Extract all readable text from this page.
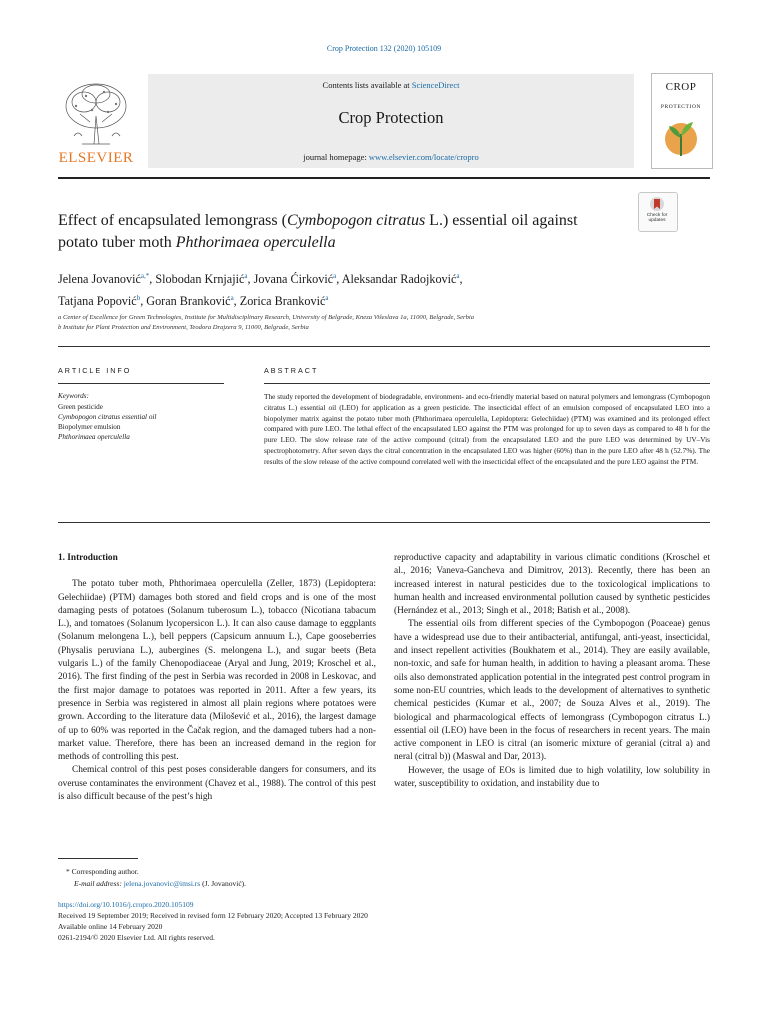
Crop Protection 132 (2020) 105109
Contents lists available at ScienceDirect
Crop Protection
journal homepage: www.elsevier.com/locate/cropro
ELSEVIER
CROP
PROTECTION
Effect of encapsulated lemongrass (Cymbopogon citratus L.) essential oil against potato tuber moth Phthorimaea operculella
Check for updates
Jelena Jovanović$^{a,*}$, Slobodan Krnjajić$^a$, Jovana Ćirković$^a$, Aleksandar Radojković$^a$,
Tatjana Popović$^b$, Goran Branković$^a$, Zorica Branković$^a$
a Center of Excellence for Green Technologies, Institute for Multidisciplinary Research, University of Belgrade, Kneza Višeslava 1a, 11000, Belgrade, Serbia
b Institute for Plant Protection and Environment, Teodora Drajzera 9, 11000, Belgrade, Serbia
ARTICLE INFO
Keywords:
Green pesticide
Cymbopogon citratus essential oil
Biopolymer emulsion
Phthorimaea operculella
ABSTRACT
The study reported the development of biodegradable, environment- and eco-friendly material based on natural polymers and lemongrass (Cymbopogon citratus L.) essential oil (LEO) for application as a green pesticide. The insecticidal effect of an emulsion composed of encapsulated LEO into a biopolymer matrix against the potato tuber moth (Phthorimaea operculella, Lepidoptera: Gelechiidae) (PTM) was examined and its prolonged effect compared with pure LEO. The lethal effect of the encapsulated LEO against the PTM was prolonged for up to seven days as compared to 48 h for the pure LEO. The slow release rate of the active compound (citral) from the encapsulated LEO and the pure LEO was determined by UV–Vis spectrophotometry. After seven days the citral concentration in the encapsulated LEO was higher (60%) than in the pure LEO after 48 h (52.7%). The results of the slow release of the active compound correlated well with the insecticidal effect of the encapsulated and the pure LEO against the PTM.
1. Introduction

The potato tuber moth, Phthorimaea operculella (Zeller, 1873) (Lepidoptera: Gelechiidae) (PTM) damages both stored and field crops and is one of the most damaging pests of potatoes (Solanum tuberosum L.), tobacco (Nicotiana tabacum L.), and tomatoes (Solanum lycopersicon L.). It can also cause damage to eggplants (Solanum melongena L.), bell peppers (Capsicum annuum L.), Cape gooseberries (Physalis peruviana L.), aubergines (S. melongena L.), and sugar beets (Beta vulgaris L.) of the family Chenopodiaceae (Aryal and Jung, 2019; Kroschel et al., 2016). The first finding of the pest in Serbia was recorded in 2008 in Leskovac, and the first major damage to potatoes was reported in 2011. After a few years, its presence in Serbia was registered in almost all plain regions where potatoes were grown. According to the literature data (Milošević et al., 2016), the largest damage of up to 60% was reported in the Čačak region, and the damaged tubers had a non-market value. Therefore, there has been an increased demand in the region for methods of controlling this pest.

Chemical control of this pest poses considerable dangers for consumers, and its overuse contaminates the environment (Chavez et al., 1988). The control of this pest is also difficult because of the pest’s high

reproductive capacity and adaptability in various climatic conditions (Kroschel et al., 2016; Vaneva-Gancheva and Dimitrov, 2013). Recently, there has been an increased interest in natural pesticides due to the toxicological implications to human health and increased environmental pollution caused by synthetic pesticides (Hernández et al., 2013; Singh et al., 2018; Batish et al., 2008).

The essential oils from different species of the Cymbopogon (Poaceae) genus have a widespread use due to their antibacterial, antifungal, anti-yeast, insecticidal, and insect repellent activities (Boukhatem et al., 2014). They are easily available, non-toxic, and safe for human health, in addition to having a pleasant aroma. These oils also demonstrated application potential in the integrated pest control program in some non-EU countries, which leads to the development of alternatives to synthetic chemical pesticides (Kumar et al., 2007; de Souza Alves et al., 2019). The biological and pharmacological effects of lemongrass (Cymbopogon citratus L.) essential oil (LEO) have been in the focus of researchers in recent years. The main active component in LEO is citral (an isomeric mixture of geranial (citral a) and neral (citral b)) (Maswal and Dar, 2013).

However, the usage of EOs is limited due to high volatility, low solubility in water, susceptibility to oxidation, and instability due to

* Corresponding author.
E-mail address: jelena.jovanovic@imsi.rs (J. Jovanović).
https://doi.org/10.1016/j.cropro.2020.105109
Received 19 September 2019; Received in revised form 12 February 2020; Accepted 13 February 2020
Available online 14 February 2020
0261-2194/© 2020 Elsevier Ltd. All rights reserved.
